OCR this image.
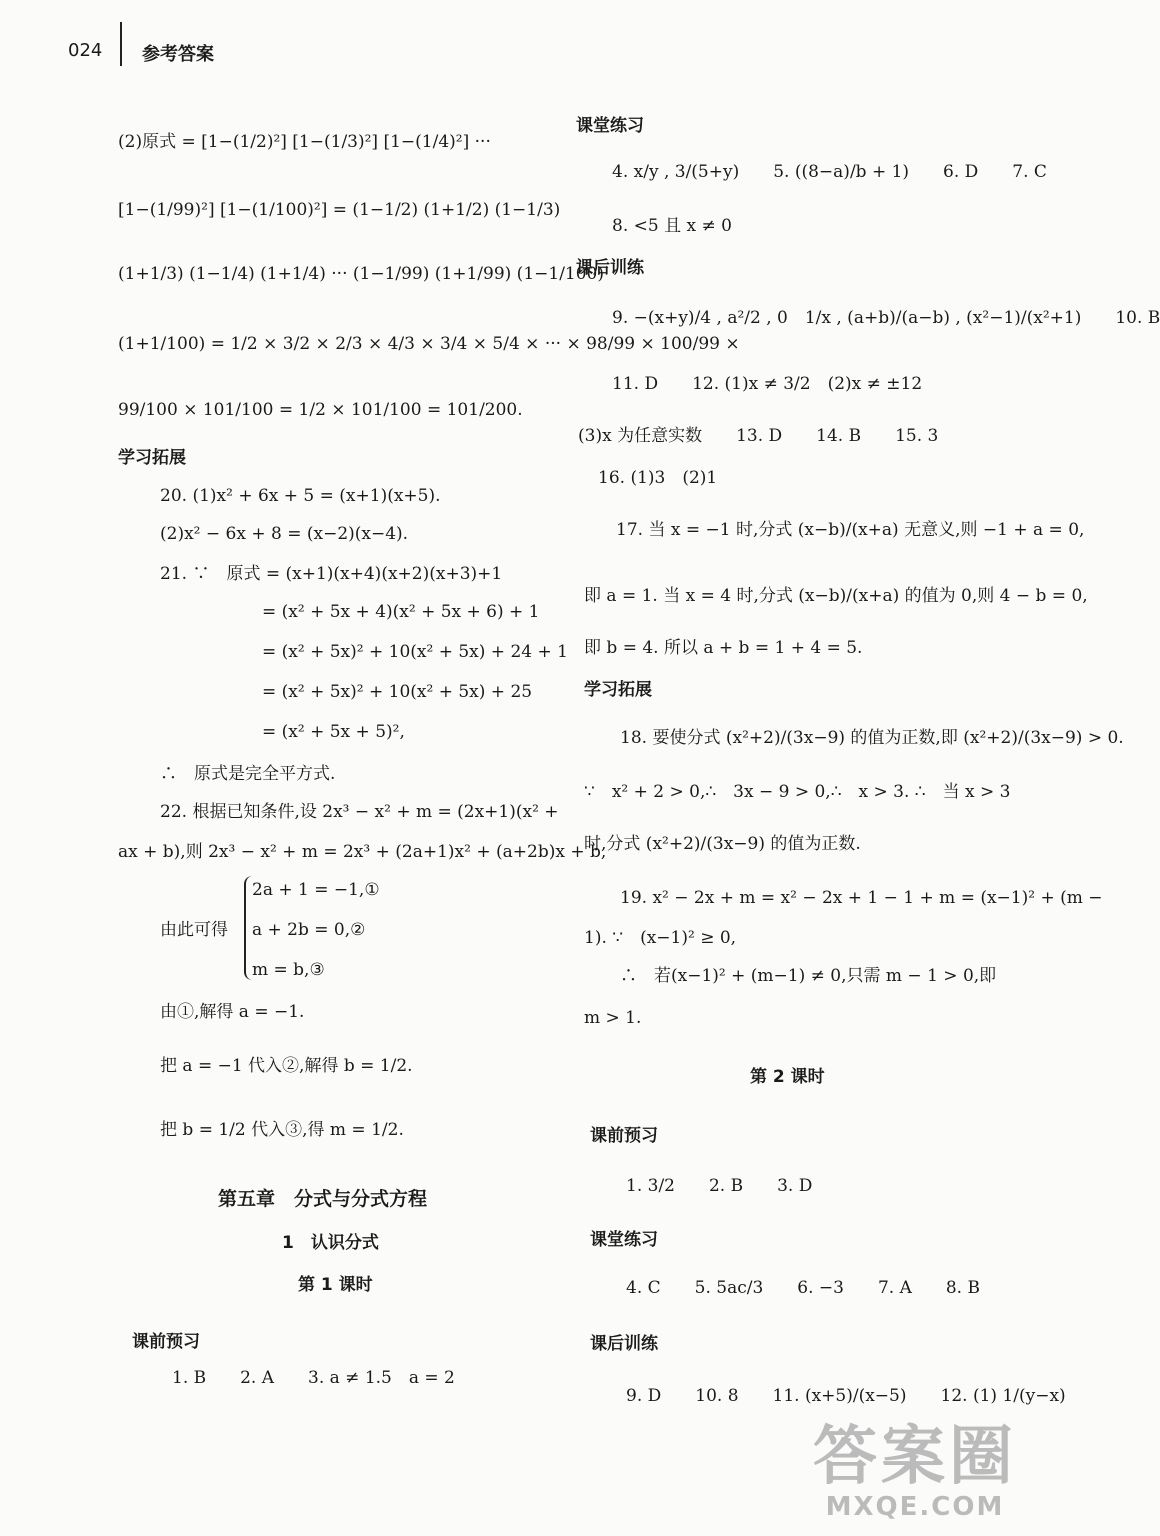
024 参考答案
(2)原式 = [1−(1/2)²] [1−(1/3)²] [1−(1/4)²] ···
[1−(1/99)²] [1−(1/100)²] = (1−1/2) (1+1/2) (1−1/3)
(1+1/3) (1−1/4) (1+1/4) ··· (1−1/99) (1+1/99) (1−1/100)
(1+1/100) = 1/2 × 3/2 × 2/3 × 4/3 × 3/4 × 5/4 × ··· × 98/99 × 100/99 ×
99/100 × 101/100 = 1/2 × 101/100 = 101/200.
学习拓展
20. (1)x² + 6x + 5 = (x+1)(x+5).
(2)x² − 6x + 8 = (x−2)(x−4).
21. ∵　原式 = (x+1)(x+4)(x+2)(x+3)+1
= (x² + 5x + 4)(x² + 5x + 6) + 1
= (x² + 5x)² + 10(x² + 5x) + 24 + 1
= (x² + 5x)² + 10(x² + 5x) + 25
= (x² + 5x + 5)²,
∴　原式是完全平方式.
22. 根据已知条件,设 2x³ − x² + m = (2x+1)(x² +
ax + b),则 2x³ − x² + m = 2x³ + (2a+1)x² + (a+2b)x + b,
由此可得
2a + 1 = −1,①
a + 2b = 0,②
m = b,③
由①,解得 a = −1.
把 a = −1 代入②,解得 b = 1/2.
把 b = 1/2 代入③,得 m = 1/2.
第五章　分式与分式方程
1　认识分式
第 1 课时
课前预习
1. B　　2. A　　3. a ≠ 1.5　a = 2
课堂练习
4. x/y , 3/(5+y)　　5. ((8−a)/b + 1)　　6. D　　7. C
8. <5 且 x ≠ 0
课后训练
9. −(x+y)/4 , a²/2 , 0　1/x , (a+b)/(a−b) , (x²−1)/(x²+1)　　10. B
11. D　　12. (1)x ≠ 3/2　(2)x ≠ ±12
(3)x 为任意实数　　13. D　　14. B　　15. 3
16. (1)3　(2)1
17. 当 x = −1 时,分式 (x−b)/(x+a) 无意义,则 −1 + a = 0,
即 a = 1. 当 x = 4 时,分式 (x−b)/(x+a) 的值为 0,则 4 − b = 0,
即 b = 4. 所以 a + b = 1 + 4 = 5.
学习拓展
18. 要使分式 (x²+2)/(3x−9) 的值为正数,即 (x²+2)/(3x−9) > 0.
∵　x² + 2 > 0,∴　3x − 9 > 0,∴　x > 3. ∴　当 x > 3
时,分式 (x²+2)/(3x−9) 的值为正数.
19. x² − 2x + m = x² − 2x + 1 − 1 + m = (x−1)² + (m −
1). ∵　(x−1)² ≥ 0,
∴　若(x−1)² + (m−1) ≠ 0,只需 m − 1 > 0,即
m > 1.
第 2 课时
课前预习
1. 3/2　　2. B　　3. D
课堂练习
4. C　　5. 5ac/3　　6. −3　　7. A　　8. B
课后训练
9. D　　10. 8　　11. (x+5)/(x−5)　　12. (1) 1/(y−x)
答案圈
MXQE.COM
